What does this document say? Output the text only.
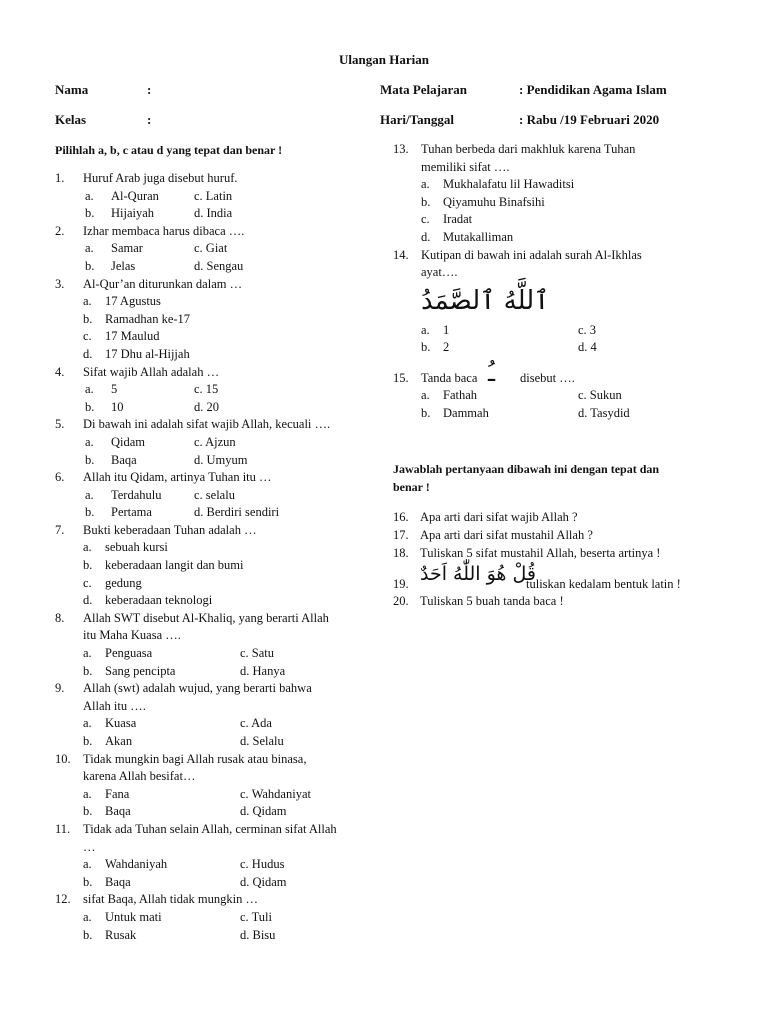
Ulangan Harian
Nama	:
Kelas	:
Mata Pelajaran	: Pendidikan Agama Islam
Hari/Tanggal	: Rabu /19 Februari 2020
Pilihlah a, b, c atau d yang tepat dan benar !
1. Huruf Arab juga disebut huruf.
a. Al-Quran	c. Latin
b. Hijaiyah	d. India
2. Izhar membaca harus dibaca ….
a. Samar	c. Giat
b. Jelas	d. Sengau
3. Al-Qur’an diturunkan dalam …
a. 17 Agustus
b. Ramadhan ke-17
c. 17 Maulud
d. 17 Dhu al-Hijjah
4. Sifat wajib Allah adalah …
a. 5	c. 15
b. 10	d. 20
5. Di bawah ini adalah sifat wajib Allah, kecuali ….
a. Qidam	c. Ajzun
b. Baqa	d. Umyum
6. Allah itu Qidam, artinya Tuhan itu …
a. Terdahulu	c. selalu
b. Pertama	d. Berdiri sendiri
7. Bukti keberadaan Tuhan adalah …
a. sebuah kursi
b. keberadaan langit dan bumi
c. gedung
d. keberadaan teknologi
8. Allah SWT disebut Al-Khaliq, yang berarti Allah
itu Maha Kuasa ….
a. Penguasa	c. Satu
b. Sang pencipta	d. Hanya
9. Allah (swt) adalah wujud, yang berarti bahwa
Allah itu ….
a. Kuasa	c. Ada
b. Akan	d. Selalu
10. Tidak mungkin bagi Allah rusak atau binasa,
karena Allah besifat…
a. Fana	c. Wahdaniyat
b. Baqa	d. Qidam
11. Tidak ada Tuhan selain Allah, cerminan sifat Allah
…
a. Wahdaniyah	c. Hudus
b. Baqa	d. Qidam
12. sifat Baqa, Allah tidak mungkin …
a. Untuk mati	c. Tuli
b. Rusak	d. Bisu
13. Tuhan berbeda dari makhluk karena Tuhan
memiliki sifat ….
a. Mukhalafatu lil Hawaditsi
b. Qiyamuhu Binafsihi
c. Iradat
d. Mutakalliman
14. Kutipan di bawah ini adalah surah Al-Ikhlas
ayat….
ٱللَّهُ ٱلصَّمَدُ
a. 1	c. 3
b. 2	d. 4
15. Tanda baca ـُ disebut ….
a. Fathah	c. Sukun
b. Dammah	d. Tasydid
Jawablah pertanyaan dibawah ini dengan tepat dan
benar !
16. Apa arti dari sifat wajib Allah ?
17. Apa arti dari sifat mustahil Allah ?
18. Tuliskan 5 sifat mustahil Allah, beserta artinya !
19. قُلْ هُوَ اللّٰهُ اَحَدٌ
tuliskan kedalam bentuk latin !
20. Tuliskan 5 buah tanda baca !
